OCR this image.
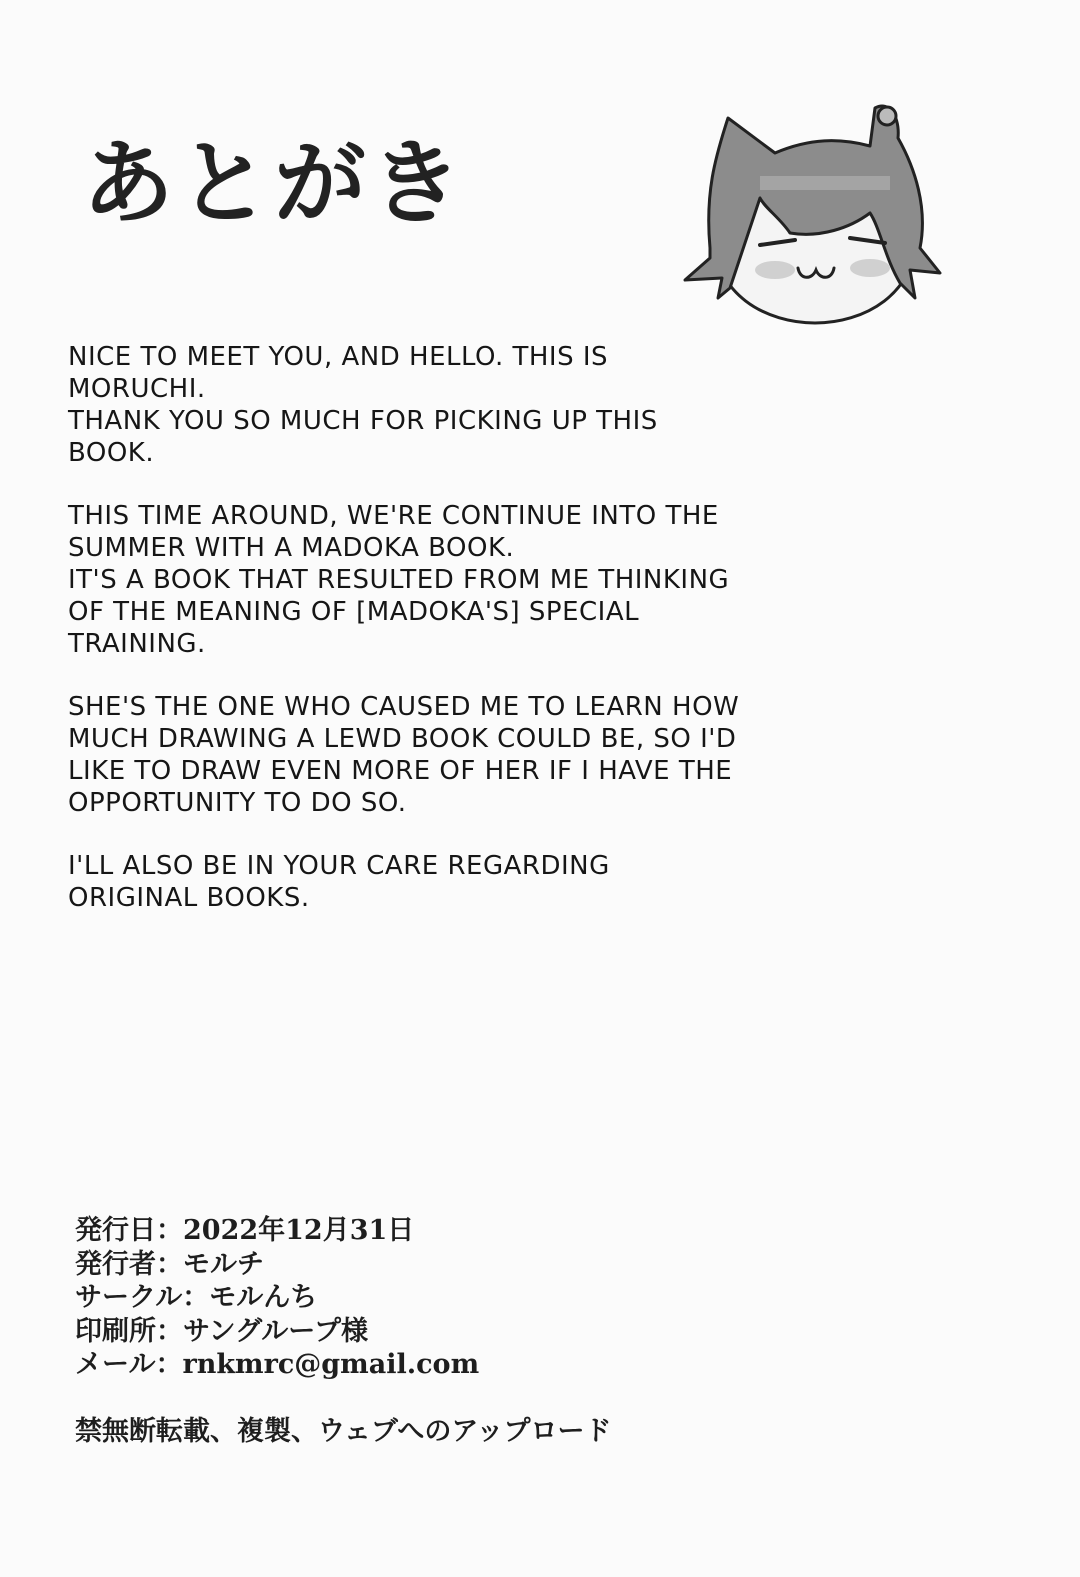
あとがき
NICE TO MEET YOU, AND HELLO. THIS IS
MORUCHI.
THANK YOU SO MUCH FOR PICKING UP THIS
BOOK.
THIS TIME AROUND, WE'RE CONTINUE INTO THE
SUMMER WITH A MADOKA BOOK.
IT'S A BOOK THAT RESULTED FROM ME THINKING
OF THE MEANING OF [MADOKA'S] SPECIAL
TRAINING.
SHE'S THE ONE WHO CAUSED ME TO LEARN HOW
MUCH DRAWING A LEWD BOOK COULD BE, SO I'D
LIKE TO DRAW EVEN MORE OF HER IF I HAVE THE
OPPORTUNITY TO DO SO.
I'LL ALSO BE IN YOUR CARE REGARDING
ORIGINAL BOOKS.
発行日：2022年12月31日
発行者：モルチ
サークル：モルんち
印刷所：サングループ様
メール：rnkmrc@gmail.com
禁無断転載、複製、ウェブへのアップロード
